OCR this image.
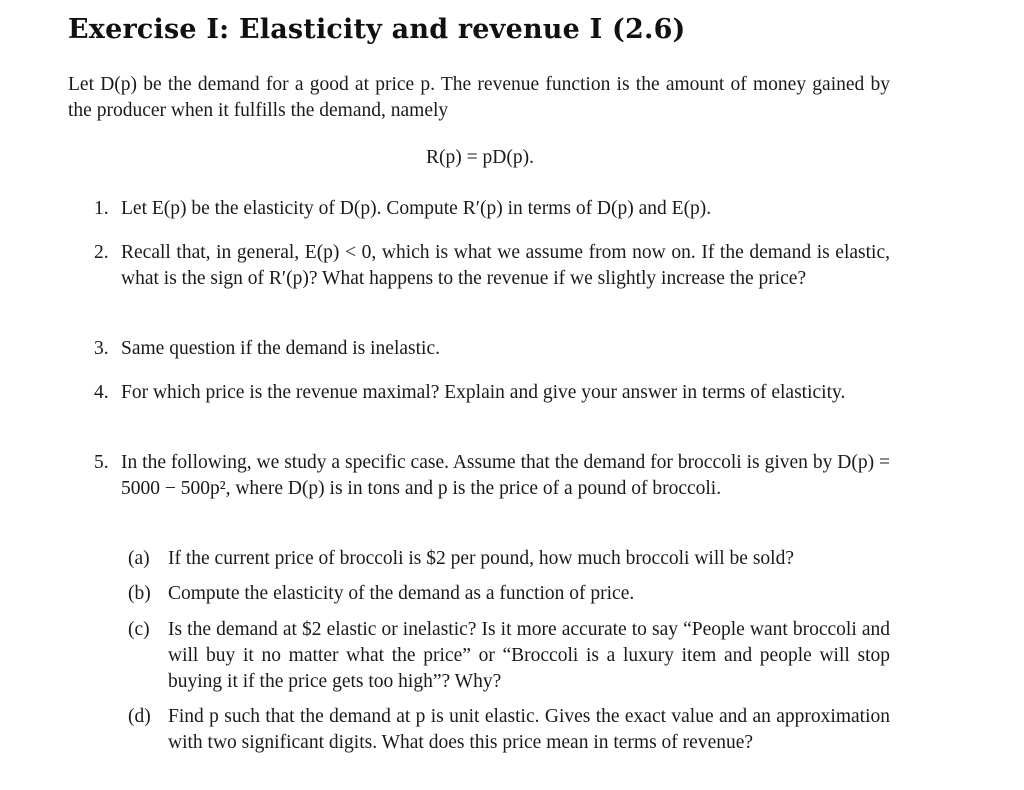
Exercise I: Elasticity and revenue I (2.6)

Let D(p) be the demand for a good at price p. The revenue function is the amount of money gained by the producer when it fulfills the demand, namely

R(p) = pD(p).
1. Let E(p) be the elasticity of D(p). Compute R′(p) in terms of D(p) and E(p).
2. Recall that, in general, E(p) < 0, which is what we assume from now on. If the demand is elastic, what is the sign of R′(p)? What happens to the revenue if we slightly increase the price?
3. Same question if the demand is inelastic.
4. For which price is the revenue maximal? Explain and give your answer in terms of elasticity.
5. In the following, we study a specific case. Assume that the demand for broccoli is given by D(p) = 5000 − 500p², where D(p) is in tons and p is the price of a pound of broccoli.
(a) If the current price of broccoli is $2 per pound, how much broccoli will be sold?
(b) Compute the elasticity of the demand as a function of price.
(c) Is the demand at $2 elastic or inelastic? Is it more accurate to say “People want broccoli and will buy it no matter what the price” or “Broccoli is a luxury item and people will stop buying it if the price gets too high”? Why?
(d) Find p such that the demand at p is unit elastic. Gives the exact value and an approximation with two significant digits. What does this price mean in terms of revenue?
